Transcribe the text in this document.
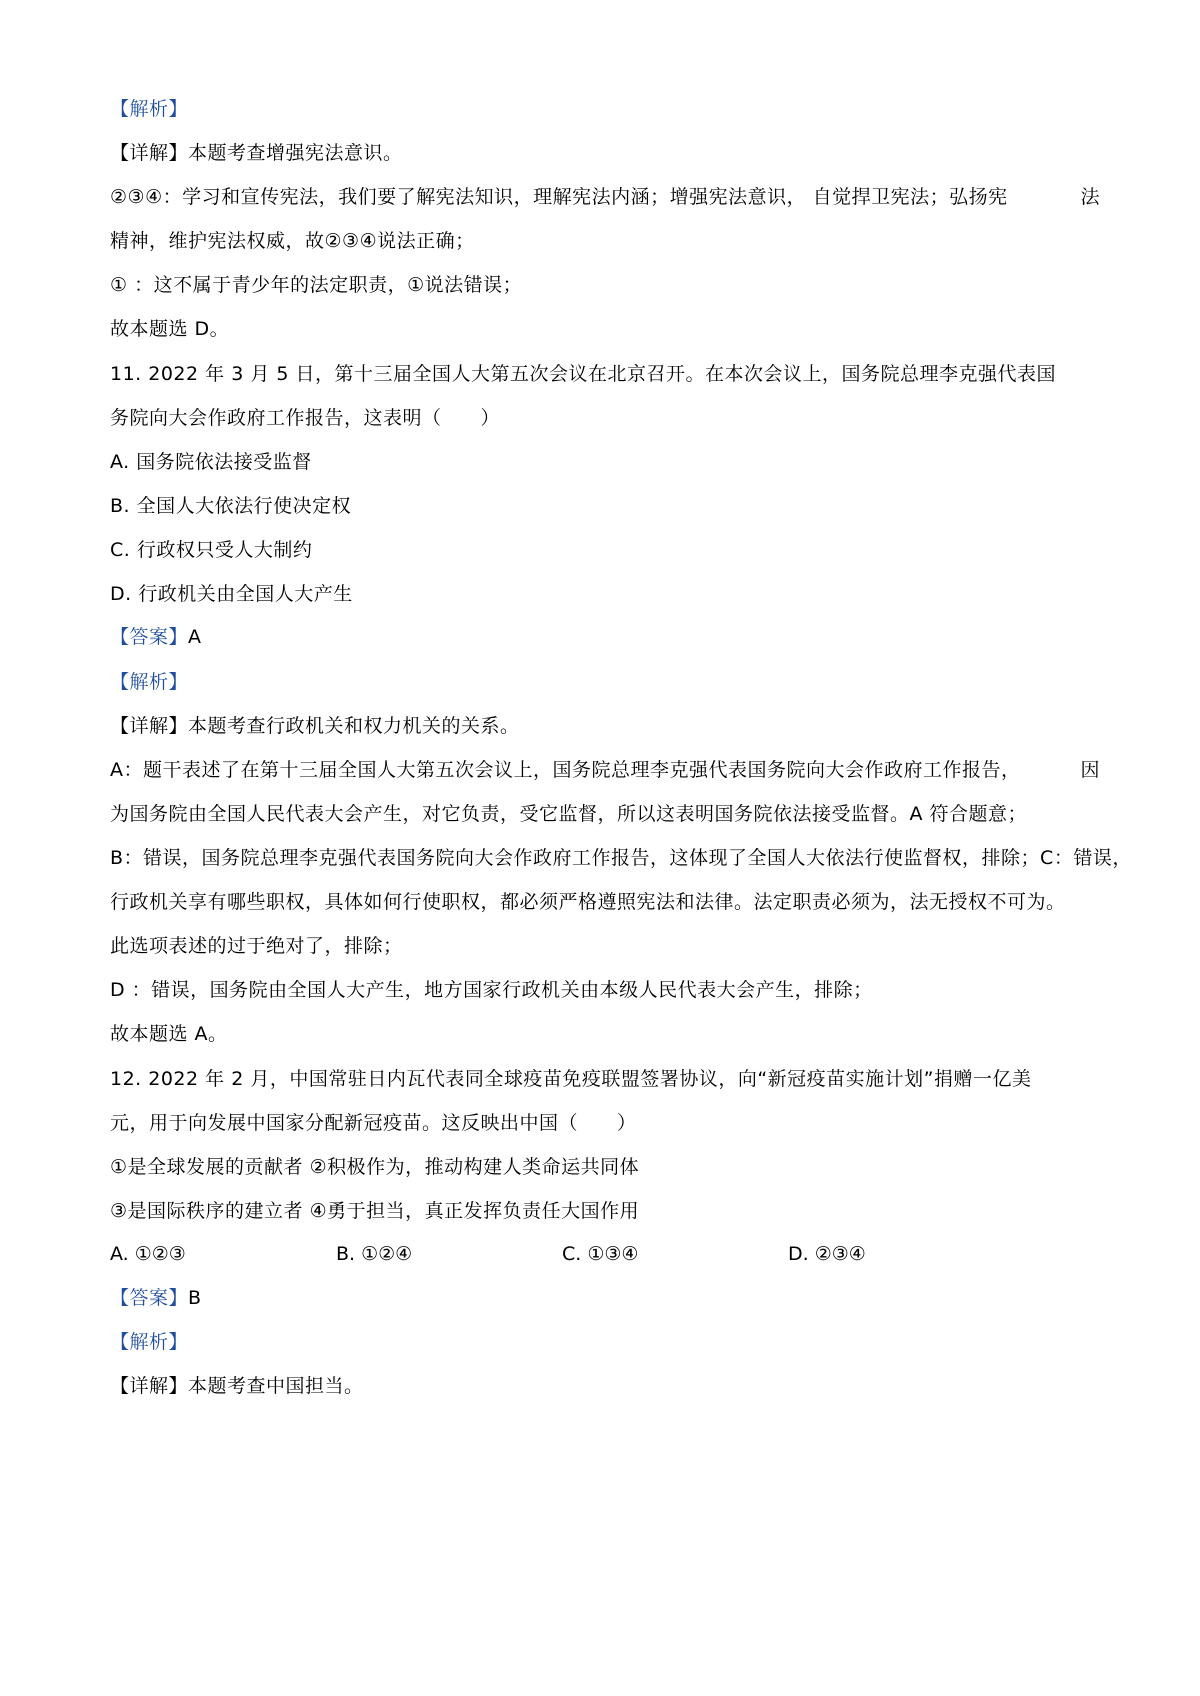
【解析】
【详解】本题考查增强宪法意识。
②③④：学习和宣传宪法，我们要了解宪法知识，理解宪法内涵；增强宪法意识， 自觉捍卫宪法；弘扬宪	法
精神，维护宪法权威，故②③④说法正确；
① ：这不属于青少年的法定职责，①说法错误；
故本题选 D。
11. 2022 年 3 月 5 日，第十三届全国人大第五次会议在北京召开。在本次会议上，国务院总理李克强代表国
务院向大会作政府工作报告，这表明（　　）
A. 国务院依法接受监督
B. 全国人大依法行使决定权
C. 行政权只受人大制约
D. 行政机关由全国人大产生
【答案】A
【解析】
【详解】本题考查行政机关和权力机关的关系。
A：题干表述了在第十三届全国人大第五次会议上，国务院总理李克强代表国务院向大会作政府工作报告，	因
为国务院由全国人民代表大会产生，对它负责，受它监督，所以这表明国务院依法接受监督。A 符合题意；
B：错误，国务院总理李克强代表国务院向大会作政府工作报告，这体现了全国人大依法行使监督权，排除； C：错误，
行政机关享有哪些职权，具体如何行使职权，都必须严格遵照宪法和法律。法定职责必须为，法无授权不可为。
此选项表述的过于绝对了，排除；
D ：错误，国务院由全国人大产生，地方国家行政机关由本级人民代表大会产生，排除；
故本题选 A。
12. 2022 年 2 月，中国常驻日内瓦代表同全球疫苗免疫联盟签署协议，向“新冠疫苗实施计划”捐赠一亿美
元，用于向发展中国家分配新冠疫苗。这反映出中国（　　）
①是全球发展的贡献者 ②积极作为，推动构建人类命运共同体
③是国际秩序的建立者 ④勇于担当，真正发挥负责任大国作用
A. ①②③	B. ①②④	C. ①③④	D. ②③④
【答案】B
【解析】
【详解】本题考查中国担当。
